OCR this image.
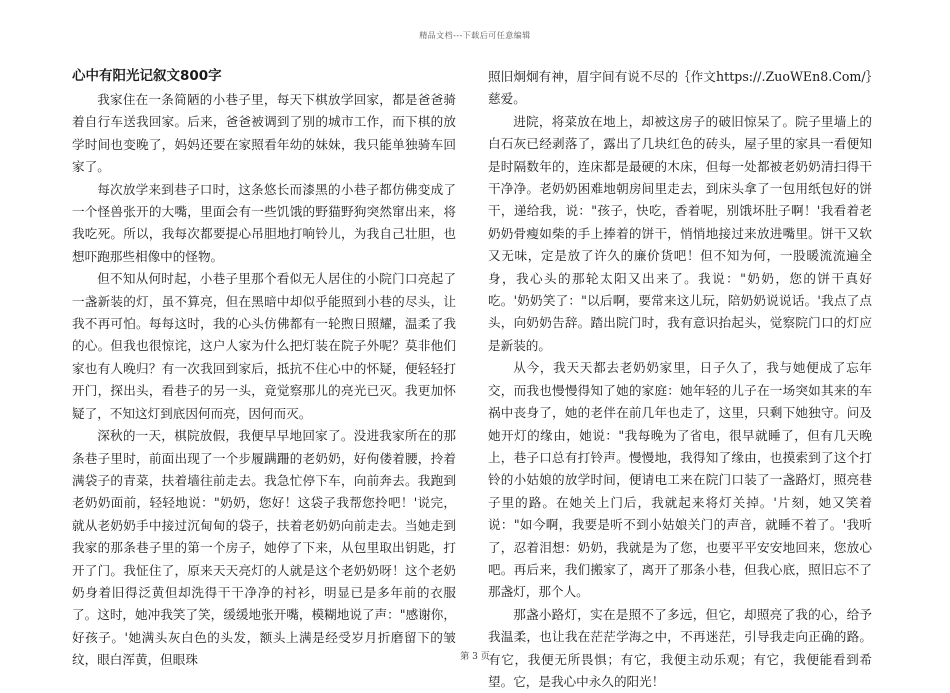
精品文档---下载后可任意编辑
心中有阳光记叙文800字

我家住在一条简陋的小巷子里，每天下棋放学回家，都是爸爸骑着自行车送我回家。后来，爸爸被调到了别的城市工作，而下棋的放学时间也变晚了，妈妈还要在家照看年幼的妹妹，我只能单独骑车回家了。

每次放学来到巷子口时，这条悠长而漆黑的小巷子都仿佛变成了一个怪兽张开的大嘴，里面会有一些饥饿的野猫野狗突然窜出来，将我吃死。所以，我每次都要提心吊胆地打响铃儿，为我自己壮胆，也想吓跑那些相像中的怪物。

但不知从何时起，小巷子里那个看似无人居住的小院门口亮起了一盏新装的灯，虽不算亮，但在黑暗中却似乎能照到小巷的尽头，让我不再可怕。每每这时，我的心头仿佛都有一轮煦日照耀，温柔了我的心。但我也很惊诧，这户人家为什么把灯装在院子外呢？莫非他们家也有人晚归？有一次我回到家后，抵抗不住心中的怀疑，便轻轻打开门，探出头，看巷子的另一头，竟觉察那儿的亮光已灭。我更加怀疑了，不知这灯到底因何而亮，因何而灭。

深秋的一天，棋院放假，我便早早地回家了。没进我家所在的那条巷子里时，前面出现了一个步履蹒跚的老奶奶，好佝偻着腰，拎着满袋子的青菜，扶着墙往前走去。我急忙停下车，向前奔去。我跑到老奶奶面前，轻轻地说："奶奶，您好！这袋子我帮您拎吧！'说完，就从老奶奶手中接过沉甸甸的袋子，扶着老奶奶向前走去。当她走到我家的那条巷子里的第一个房子，她停了下来，从包里取出钥匙，打开了门。我怔住了，原来天天亮灯的人就是这个老奶奶呀！这个老奶奶身着旧得泛黄但却洗得干干净净的衬衫，明显已是多年前的衣服了。这时，她冲我笑了笑，缓缓地张开嘴，模糊地说了声："感谢你，好孩子。'她满头灰白色的头发，额头上满是经受岁月折磨留下的皱纹，眼白浑黄，但眼珠

照旧炯炯有神，眉宇间有说不尽的｛作文https://.ZuoWEn8.Com/｝慈爱。

进院，将菜放在地上，却被这房子的破旧惊呆了。院子里墙上的白石灰已经剥落了，露出了几块红色的砖头，屋子里的家具一看便知是时隔数年的，连床都是最硬的木床，但每一处都被老奶奶清扫得干干净净。老奶奶困难地朝房间里走去，到床头拿了一包用纸包好的饼干，递给我，说："孩子，快吃，香着呢，别饿坏肚子啊！'我看着老奶奶骨瘦如柴的手上捧着的饼干，悄悄地接过来放进嘴里。饼干又软又无味，定是放了许久的廉价货吧！但不知为何，一股暖流流遍全身，我心头的那轮太阳又出来了。我说："奶奶，您的饼干真好吃。'奶奶笑了："以后啊，要常来这儿玩，陪奶奶说说话。'我点了点头，向奶奶告辞。踏出院门时，我有意识抬起头，觉察院门口的灯应是新装的。

从今，我天天都去老奶奶家里，日子久了，我与她便成了忘年交，而我也慢慢得知了她的家庭：她年轻的儿子在一场突如其来的车祸中丧身了，她的老伴在前几年也走了，这里，只剩下她独守。问及她开灯的缘由，她说："我每晚为了省电，很早就睡了，但有几天晚上，巷子口总有打铃声。慢慢地，我得知了缘由，也摸索到了这个打铃的小姑娘的放学时间，便请电工来在院门口装了一盏路灯，照亮巷子里的路。在她关上门后，我就起来将灯关掉。'片刻，她又笑着说："如今啊，我要是听不到小姑娘关门的声音，就睡不着了。'我听了，忍着泪想：奶奶，我就是为了您，也要平平安安地回来，您放心吧。再后来，我们搬家了，离开了那条小巷，但我心底，照旧忘不了那盏灯，那个人。

那盏小路灯，实在是照不了多远，但它，却照亮了我的心，给予我温柔，也让我在茫茫学海之中，不再迷茫，引导我走向正确的路。有它，我便无所畏惧；有它，我便主动乐观；有它，我便能看到希望。它，是我心中永久的阳光！

第 3 页
